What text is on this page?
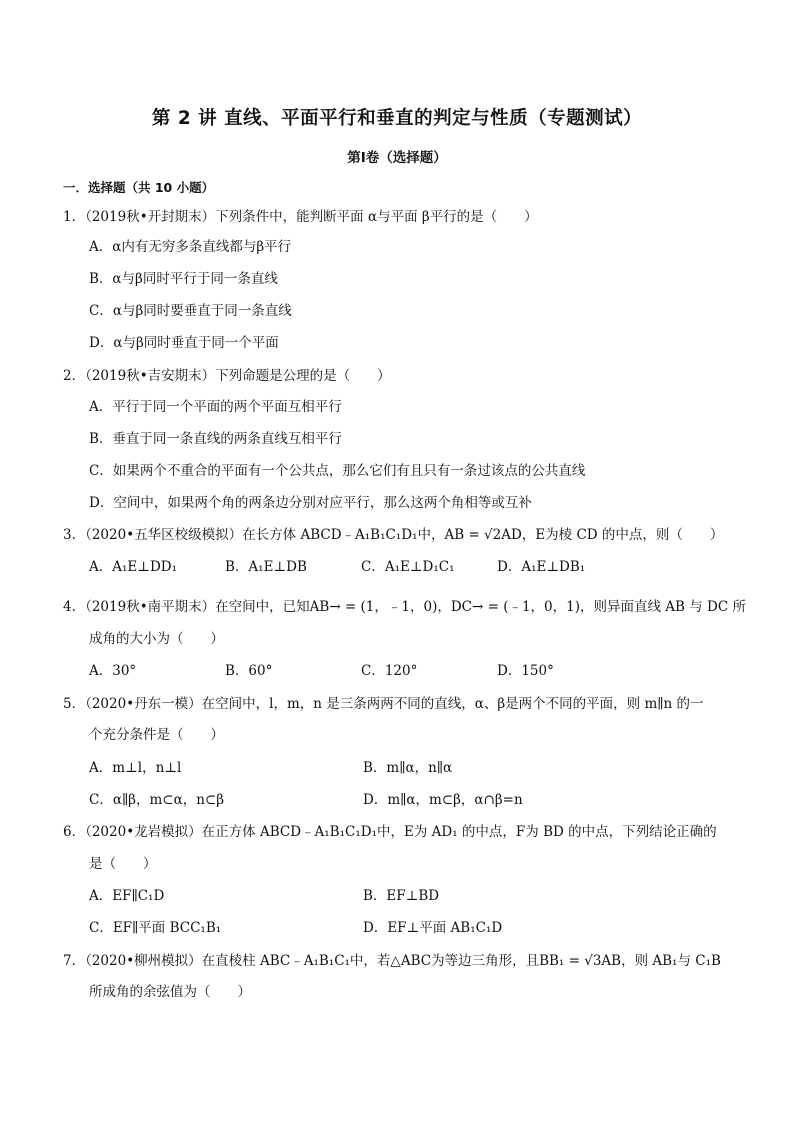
第 2 讲 直线、平面平行和垂直的判定与性质（专题测试）
第Ⅰ卷（选择题）
一．选择题（共 10 小题）
1．（2019秋•开封期末）下列条件中，能判断平面 α与平面 β平行的是（　　）
A．α内有无穷多条直线都与β平行
B．α与β同时平行于同一条直线
C．α与β同时要垂直于同一条直线
D．α与β同时垂直于同一个平面
2．（2019秋•吉安期末）下列命题是公理的是（　　）
A．平行于同一个平面的两个平面互相平行
B．垂直于同一条直线的两条直线互相平行
C．如果两个不重合的平面有一个公共点，那么它们有且只有一条过该点的公共直线
D．空间中，如果两个角的两条边分别对应平行，那么这两个角相等或互补
3．（2020•五华区校级模拟）在长方体 ABCD﹣A₁B₁C₁D₁中，AB = √2AD，E为棱 CD 的中点，则（　　）
A．A₁E⊥DD₁	B．A₁E⊥DB	C．A₁E⊥D₁C₁	D．A₁E⊥DB₁
4．（2019秋•南平期末）在空间中，已知AB→ = (1，﹣1，0)，DC→ = (﹣1，0，1)，则异面直线 AB 与 DC 所
成角的大小为（　　）
A．30°	B．60°	C．120°	D．150°
5．（2020•丹东一模）在空间中，l，m，n 是三条两两不同的直线，α、β是两个不同的平面，则 m∥n 的一
个充分条件是（　　）
A．m⊥l，n⊥l	B．m∥α，n∥α
C．α∥β，m⊂α，n⊂β	D．m∥α，m⊂β，α∩β=n
6．（2020•龙岩模拟）在正方体 ABCD﹣A₁B₁C₁D₁中，E为 AD₁ 的中点，F为 BD 的中点，下列结论正确的
是（　　）
A．EF∥C₁D	B．EF⊥BD
C．EF∥平面 BCC₁B₁	D．EF⊥平面 AB₁C₁D
7．（2020•柳州模拟）在直棱柱 ABC﹣A₁B₁C₁中，若△ABC为等边三角形，且BB₁ = √3AB，则 AB₁与 C₁B
所成角的余弦值为（　　）
